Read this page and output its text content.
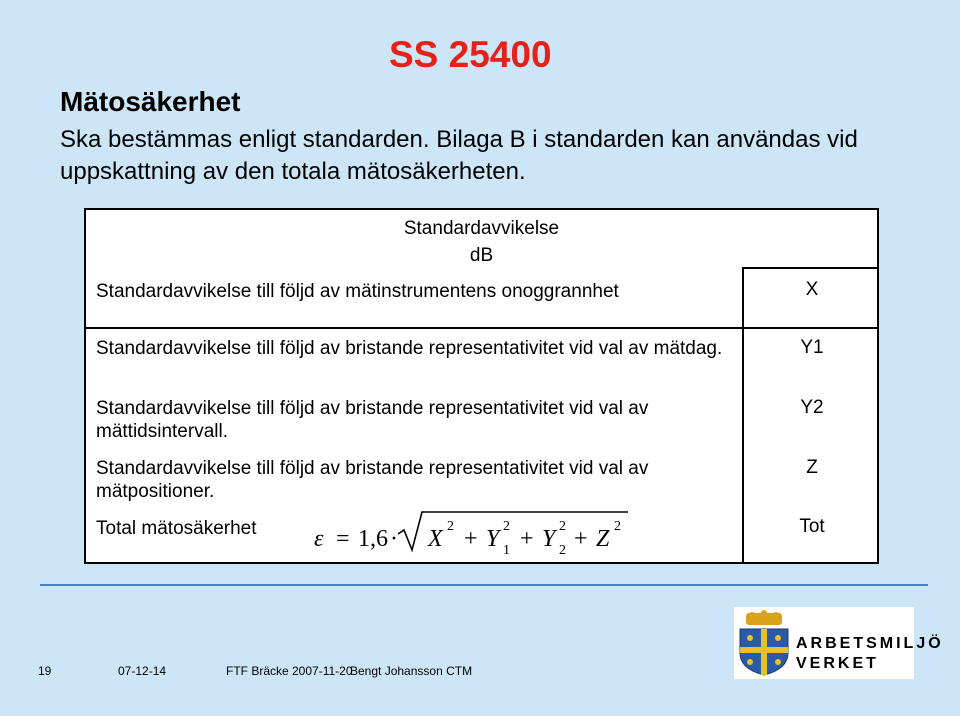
SS 25400
Mätosäkerhet
Ska bestämmas enligt standarden. Bilaga B i standarden kan användas vid uppskattning av den totala mätosäkerheten.
Standardavvikelse
dB
Standardavvikelse till följd av mätinstrumentens onoggrannhet
Standardavvikelse till följd av bristande representativitet vid val av mätdag.
Standardavvikelse till följd av bristande representativitet vid val av mättidsintervall.
Standardavvikelse till följd av bristande representativitet vid val av mätpositioner.
Total mätosäkerhet
X
Y1
Y2
Z
Tot
ε = 1,6 · X 2 + Y 2
1 + Y 2
2 + Z 2
ARBETSMILJÖ
VERKET
19	07-12-14	FTF Bräcke 2007-11-20
Bengt Johansson CTM
